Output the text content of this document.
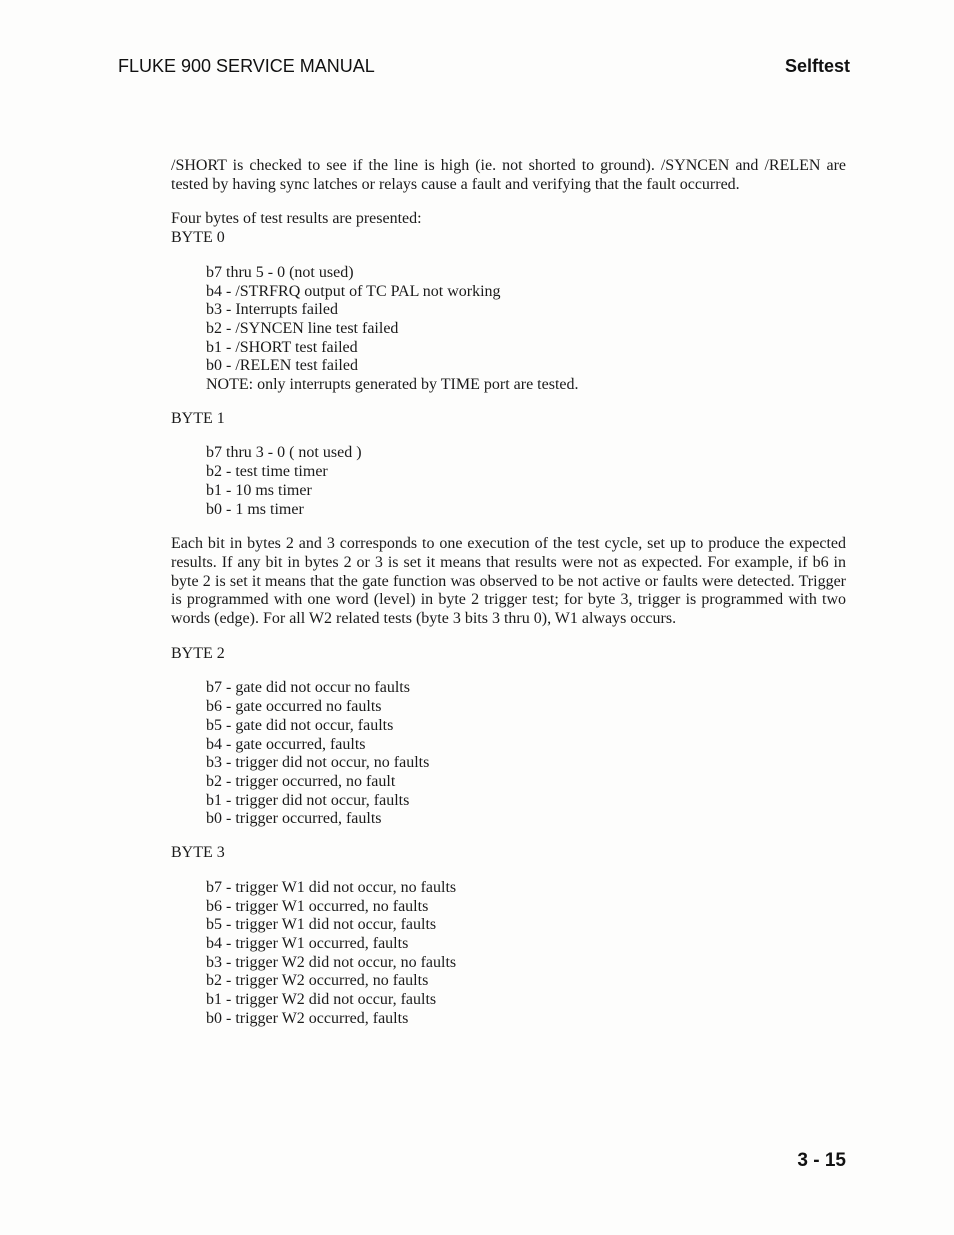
FLUKE 900 SERVICE MANUAL	Selftest

/SHORT is checked to see if the line is high (ie. not shorted to ground). /SYNCEN and /RELEN are tested by having sync latches or relays cause a fault and verifying that the fault occurred.

Four bytes of test results are presented:

BYTE 0

b7 thru 5 - 0 (not used)
b4 - /STRFRQ output of TC PAL not working
b3 - Interrupts failed
b2 - /SYNCEN line test failed
b1 - /SHORT test failed
b0 - /RELEN test failed
NOTE: only interrupts generated by TIME port are tested.

BYTE 1

b7 thru 3 - 0 ( not used )
b2 - test time timer
b1 - 10 ms timer
b0 - 1 ms timer

Each bit in bytes 2 and 3 corresponds to one execution of the test cycle, set up to produce the expected results. If any bit in bytes 2 or 3 is set it means that results were not as expected. For example, if b6 in byte 2 is set it means that the gate function was observed to be not active or faults were detected. Trigger is programmed with one word (level) in byte 2 trigger test; for byte 3, trigger is programmed with two words (edge). For all W2 related tests (byte 3 bits 3 thru 0), W1 always occurs.

BYTE 2

b7 - gate did not occur no faults
b6 - gate occurred no faults
b5 - gate did not occur, faults
b4 - gate occurred, faults
b3 - trigger did not occur, no faults
b2 - trigger occurred, no fault
b1 - trigger did not occur, faults
b0 - trigger occurred, faults

BYTE 3

b7 - trigger W1 did not occur, no faults
b6 - trigger W1 occurred, no faults
b5 - trigger W1 did not occur, faults
b4 - trigger W1 occurred, faults
b3 - trigger W2 did not occur, no faults
b2 - trigger W2 occurred, no faults
b1 - trigger W2 did not occur, faults
b0 - trigger W2 occurred, faults
3 - 15
